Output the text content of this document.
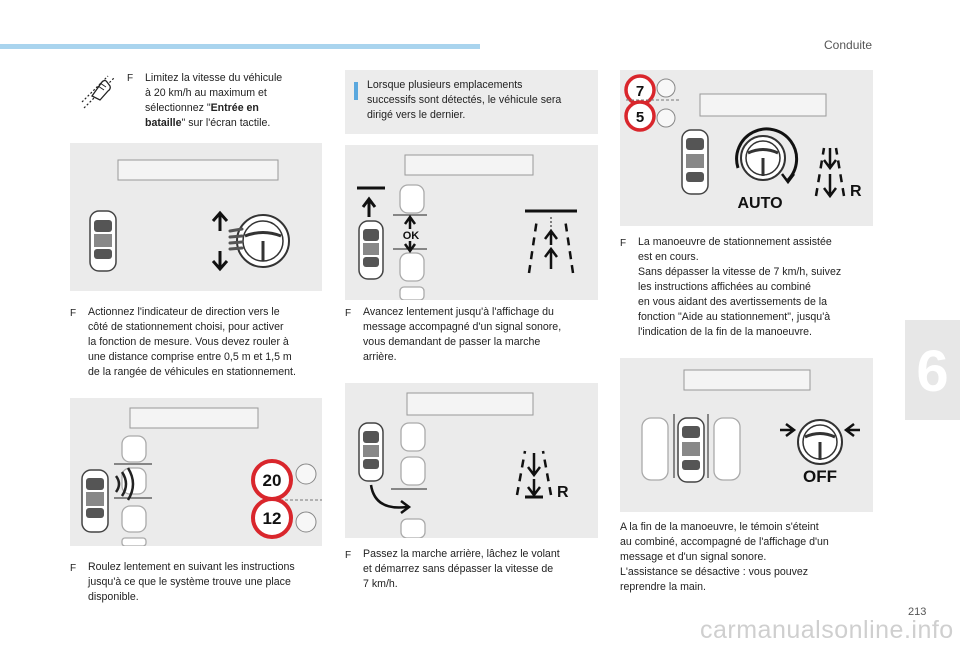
Conduite
6
213
carmanualsonline.info
F Limitez la vitesse du véhicule
à 20 km/h au maximum et
sélectionnez "Entrée en
bataille" sur l'écran tactile.
F Actionnez l'indicateur de direction vers le
côté de stationnement choisi, pour activer
la fonction de mesure. Vous devez rouler à
une distance comprise entre 0,5 m et 1,5 m
de la rangée de véhicules en stationnement.
20
12
F Roulez lentement en suivant les instructions
jusqu'à ce que le système trouve une place
disponible.
Lorsque plusieurs emplacements
successifs sont détectés, le véhicule sera
dirigé vers le dernier.
OK
F Avancez lentement jusqu'à l'affichage du
message accompagné d'un signal sonore,
vous demandant de passer la marche
arrière.
R
F Passez la marche arrière, lâchez le volant
et démarrez sans dépasser la vitesse de
7 km/h.
7
5
AUTO
R
F La manoeuvre de stationnement assistée
est en cours.
Sans dépasser la vitesse de 7 km/h, suivez
les instructions affichées au combiné
en vous aidant des avertissements de la
fonction "Aide au stationnement", jusqu'à
l'indication de la fin de la manoeuvre.
OFF
A la fin de la manoeuvre, le témoin s'éteint
au combiné, accompagné de l'affichage d'un
message et d'un signal sonore.
L'assistance se désactive : vous pouvez
reprendre la main.
